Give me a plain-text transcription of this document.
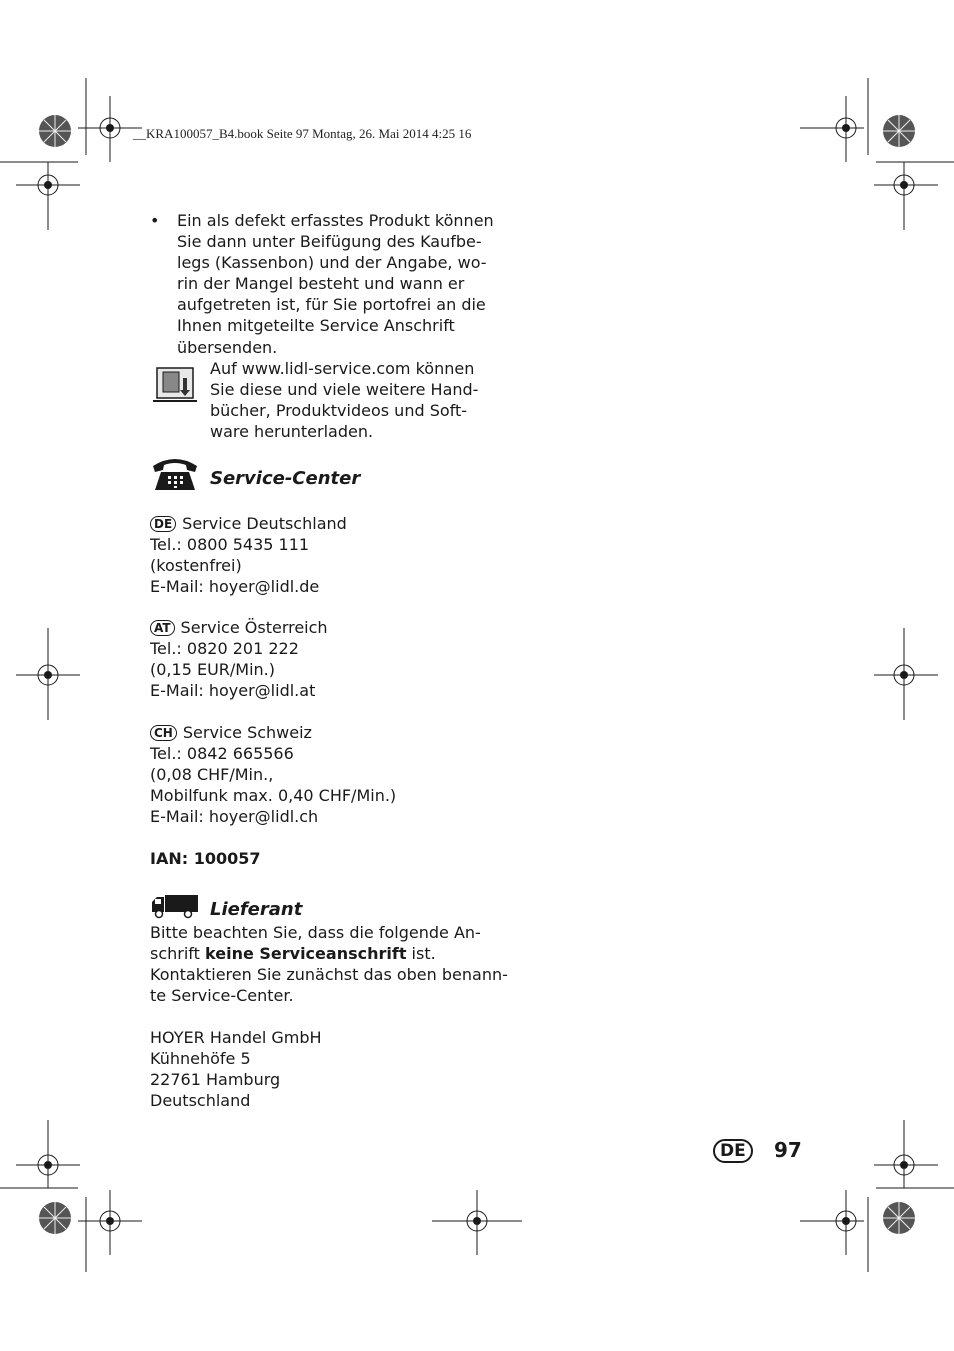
__KRA100057_B4.book Seite 97 Montag, 26. Mai 2014 4:25 16
• Ein als defekt erfasstes Produkt können
Sie dann unter Beifügung des Kaufbe-
legs (Kassenbon) und der Angabe, wo-
rin der Mangel besteht und wann er
aufgetreten ist, für Sie portofrei an die
Ihnen mitgeteilte Service Anschrift
übersenden.
Auf www.lidl-service.com können
Sie diese und viele weitere Hand-
bücher, Produktvideos und Soft-
ware herunterladen.
Service-Center
DE Service Deutschland
Tel.: 0800 5435 111
(kostenfrei)
E-Mail: hoyer@lidl.de
AT Service Österreich
Tel.: 0820 201 222
(0,15 EUR/Min.)
E-Mail: hoyer@lidl.at
CH Service Schweiz
Tel.: 0842 665566
(0,08 CHF/Min.,
Mobilfunk max. 0,40 CHF/Min.)
E-Mail: hoyer@lidl.ch
IAN: 100057
Lieferant
Bitte beachten Sie, dass die folgende An-
schrift keine Serviceanschrift ist.
Kontaktieren Sie zunächst das oben benann-
te Service-Center.
HOYER Handel GmbH
Kühnehöfe 5
22761 Hamburg
Deutschland
DE	97
